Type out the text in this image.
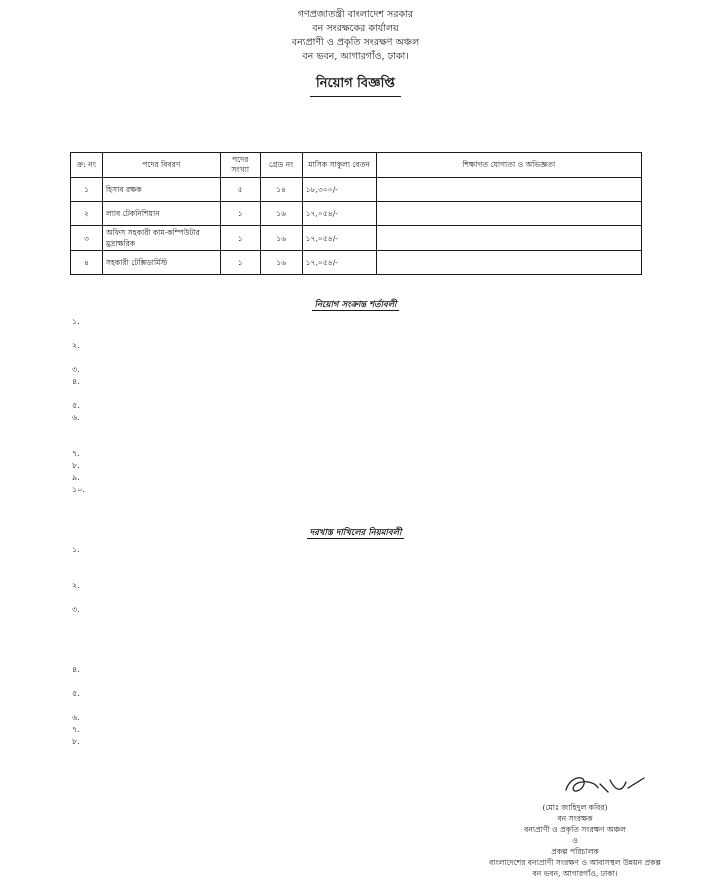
গণপ্রজাতন্ত্রী বাংলাদেশ সরকার
বন সংরক্ষকের কার্যালয়
বন্যপ্রাণী ও প্রকৃতি সংরক্ষণ অঞ্চল
বন ভবন, আগারগাঁও, ঢাকা।
নিয়োগ বিজ্ঞপ্তি
ক্র: নং	পদের বিবরণ	পদের সংখ্যা	গ্রেড নং	মাসিক সাকুল্য বেতন	শিক্ষাগত যোগ্যতা ও অভিজ্ঞতা
১	হিসাব রক্ষক	৫	১৪	১৮,৩০০/-	
২	ল্যাব টেকনিশিয়ান	১	১৬	১৭,০৫৪/-	
৩	অফিস সহকারী কাম-কম্পিউটার মুদ্রাক্ষরিক	১	১৬	১৭,০৫৪/-	
৪	সহকারী টেক্সিডার্মিস্ট	১	১৬	১৭,০৫৪/-	
নিয়োগ সংক্রান্ত শর্তাবলী
১.
২.
৩.
৪.
৫.
৬.
৭.
৮.
৯.
১০.
দরখাস্ত দাখিলের নিয়মাবলী
১.
২.
৩.
৪.
৫.
৬.
৭.
৮.
(মোঃ জাহিদুল কবির)
বন সংরক্ষক
বন্যপ্রাণী ও প্রকৃতি সংরক্ষণ অঞ্চল
ও
প্রকল্প পরিচালক
বাংলাদেশের বন্যপ্রাণী সংরক্ষণ ও আবাসস্থল উন্নয়ন প্রকল্প
বন ভবন, আগারগাঁও, ঢাকা।
